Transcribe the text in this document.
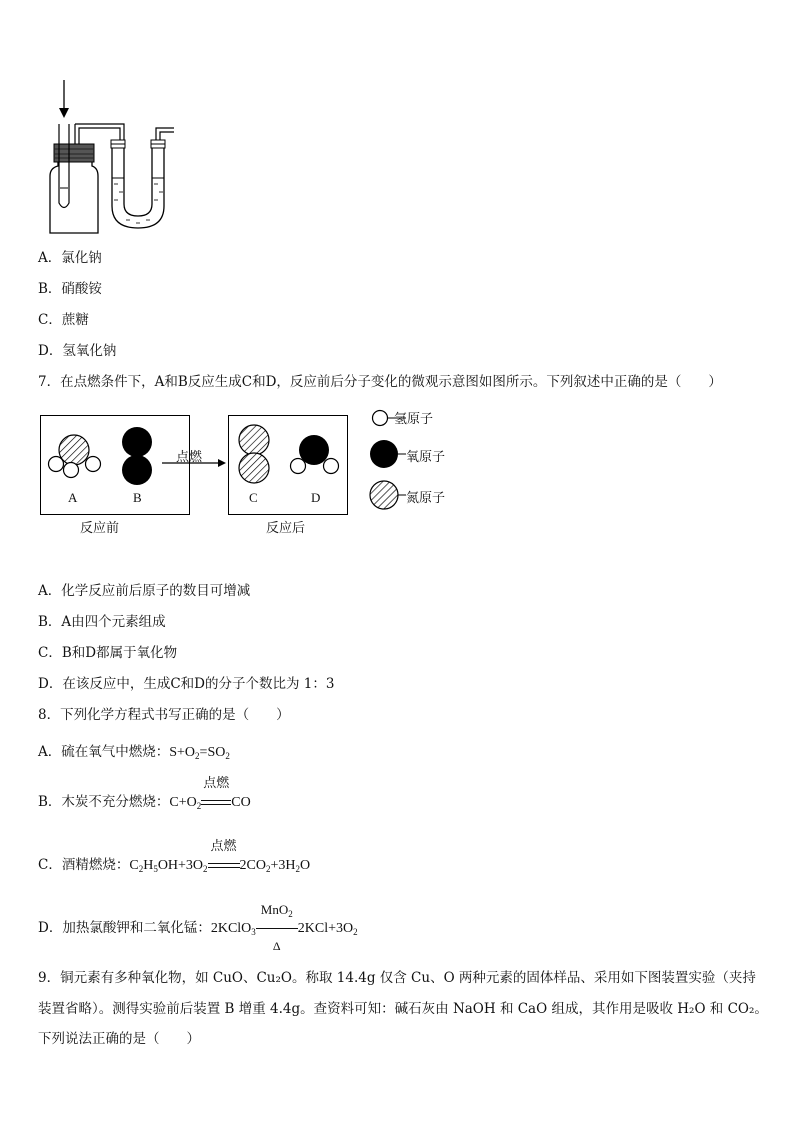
A．氯化钠
B．硝酸铵
C．蔗糖
D．氢氧化钠
7．在点燃条件下，A和B反应生成C和D，反应前后分子变化的微观示意图如图所示。下列叙述中正确的是（　　）
A	B
点燃
C	D
反应前	反应后
氢原子
氧原子
氮原子
A．化学反应前后原子的数目可增减
B．A由四个元素组成
C．B和D都属于氧化物
D．在该反应中，生成C和D的分子个数比为 1：3
8．下列化学方程式书写正确的是（　　）
A．硫在氧气中燃烧：$S+O_2=SO_2$
B．木炭不充分燃烧：$C+O_2$
点燃
CO
C．酒精燃烧：$C_2H_5OH+3O_2$
点燃
$2CO_2+3H_2O$
D．加热氯酸钾和二氧化锰：2KClO$_3$
MnO$_2$
Δ
$2KCl+3O_2$
9．铜元素有多种氧化物，如 CuO、Cu₂O。称取 14.4g 仅含 Cu、O 两种元素的固体样品、采用如下图装置实验（夹持
装置省略）。测得实验前后装置 B 增重 4.4g。查资料可知：碱石灰由 NaOH 和 CaO 组成，其作用是吸收 H₂O 和 CO₂。
下列说法正确的是（　　）
